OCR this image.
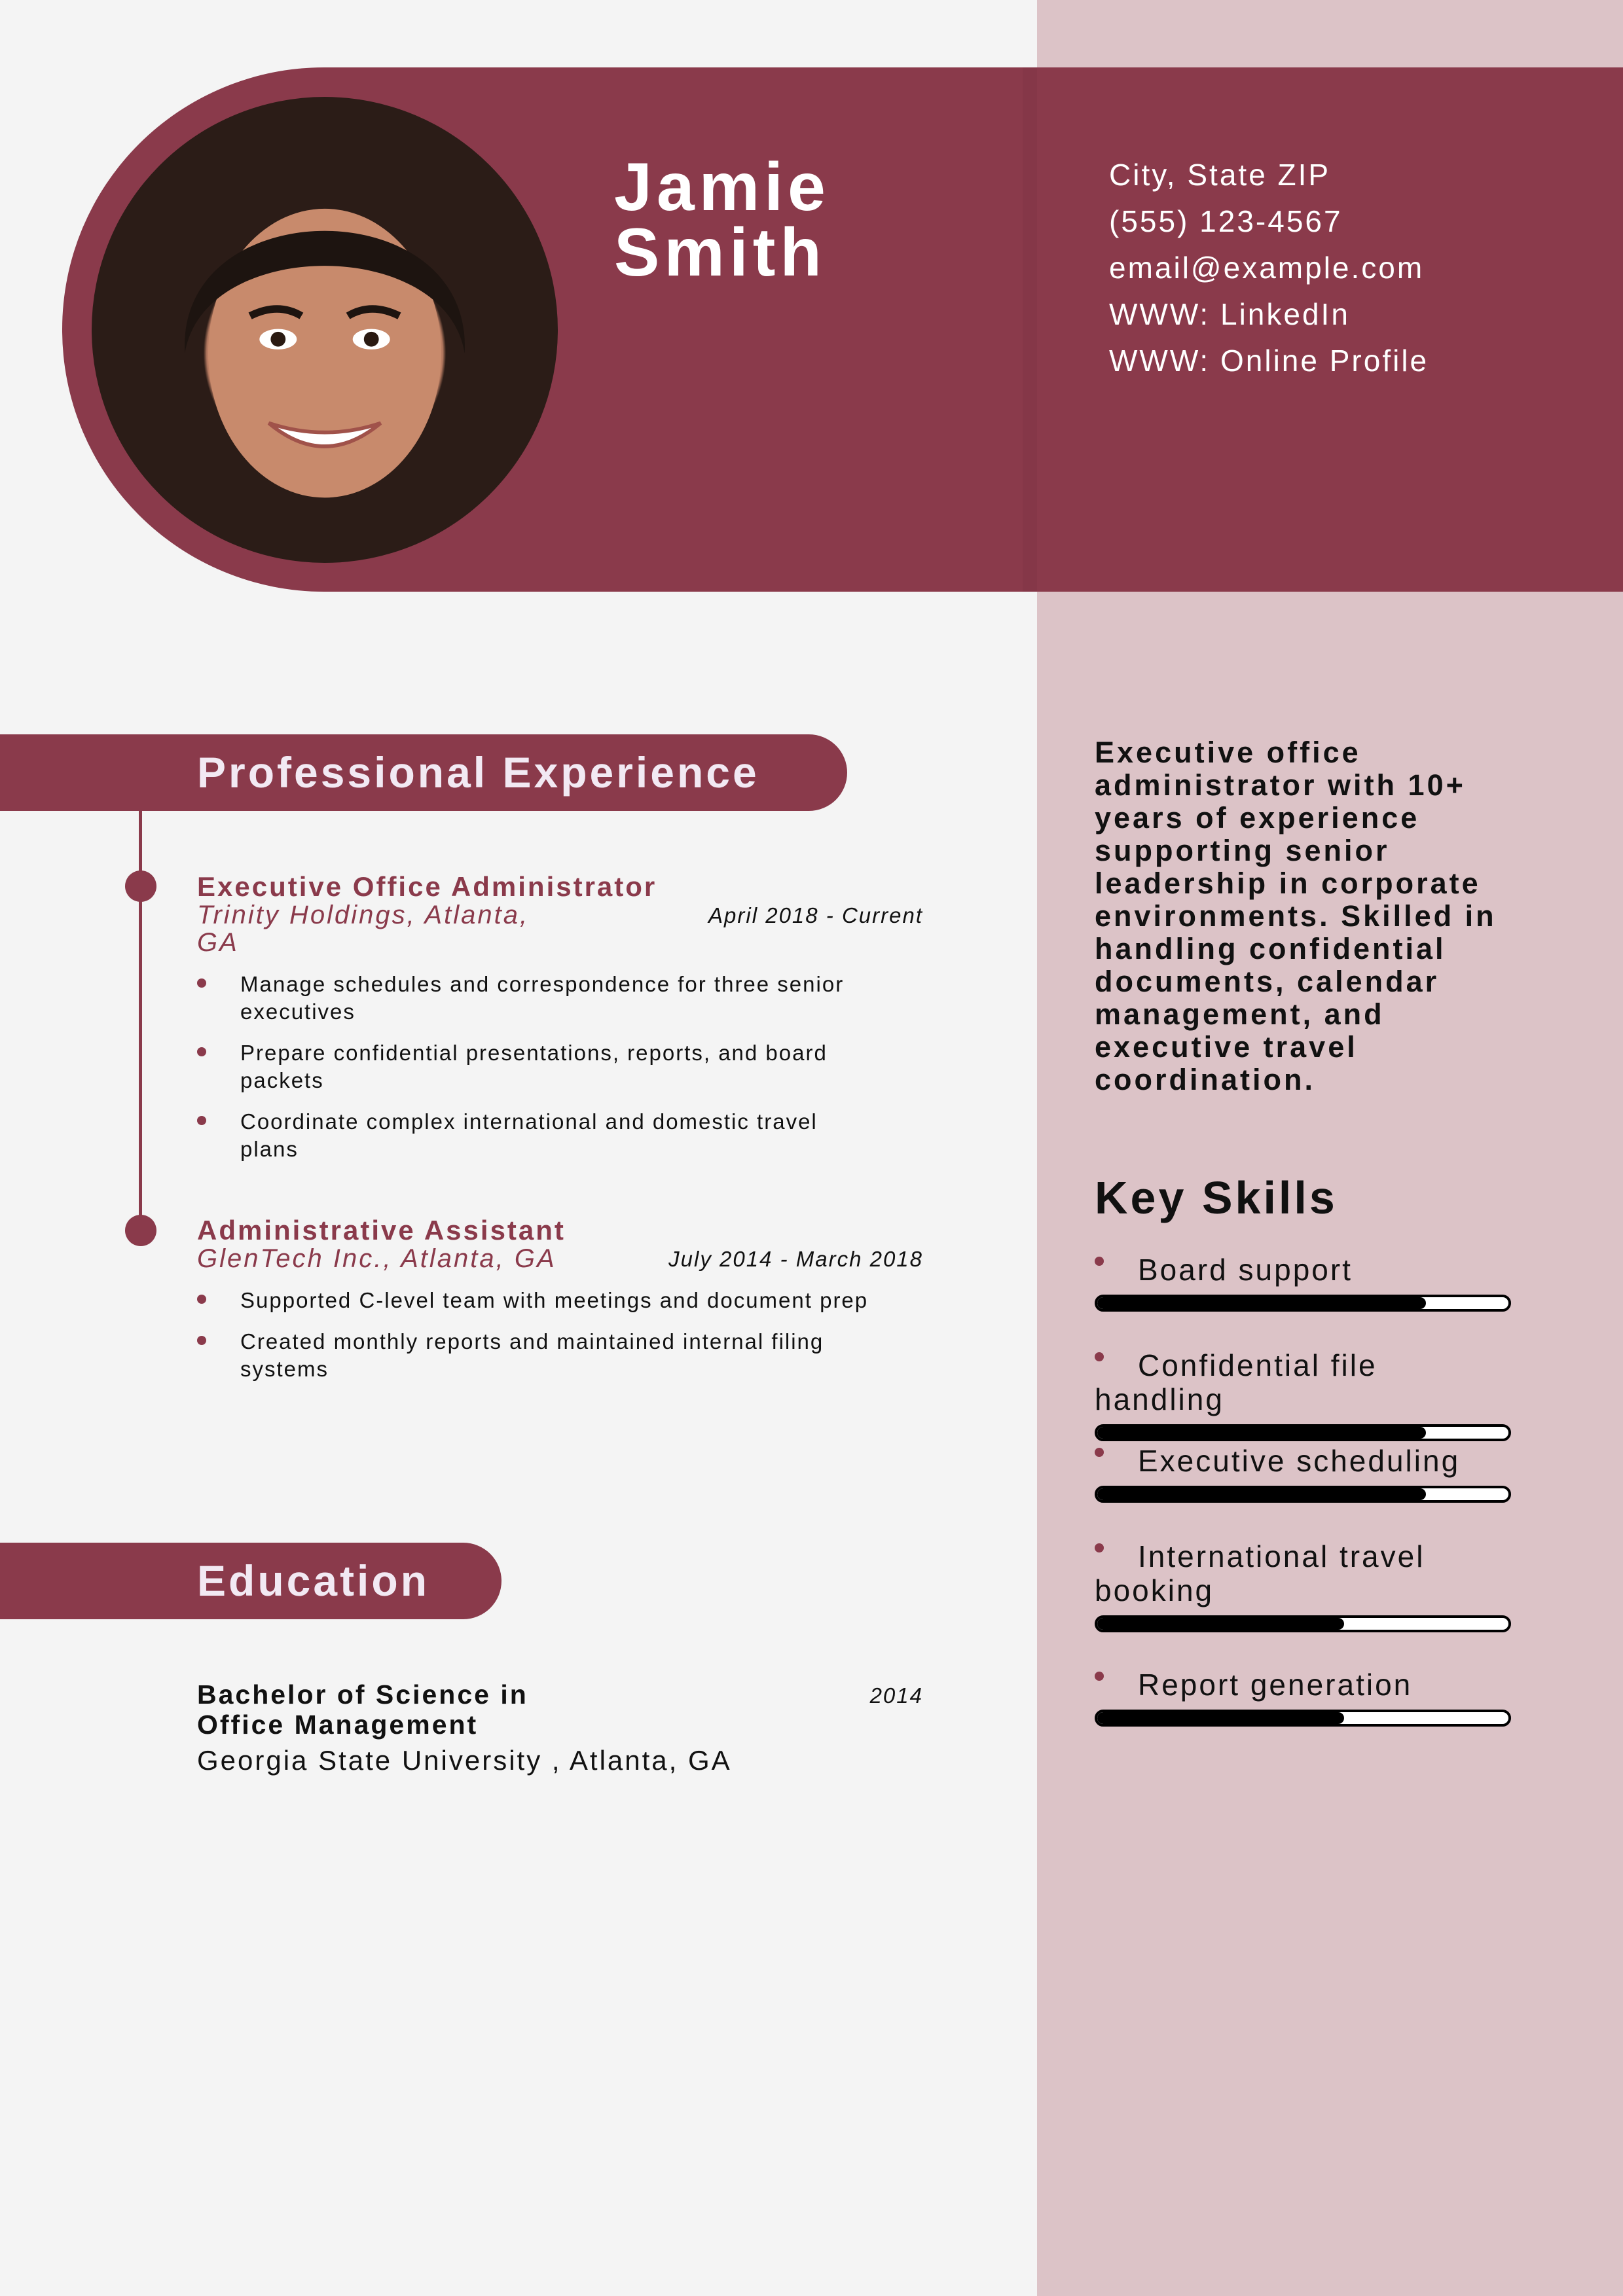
Jamie
Smith
City, State ZIP
(555) 123-4567
email@example.com
WWW: LinkedIn
WWW: Online Profile
Professional Experience
Executive Office Administrator
April 2018 - Current
Trinity Holdings, Atlanta, GA
Manage schedules and correspondence for three senior executives
Prepare confidential presentations, reports, and board packets
Coordinate complex international and domestic travel plans
Administrative Assistant
July 2014 - March 2018
GlenTech Inc., Atlanta, GA
Supported C-level team with meetings and document prep
Created monthly reports and maintained internal filing systems
Education
Bachelor of Science in Office Management
2014
Georgia State University , Atlanta, GA
Executive office administrator with 10+ years of experience supporting senior leadership in corporate environments. Skilled in handling confidential documents, calendar management, and executive travel coordination.
Key Skills
Board support
Confidential file handling
Executive scheduling
International travel booking
Report generation
